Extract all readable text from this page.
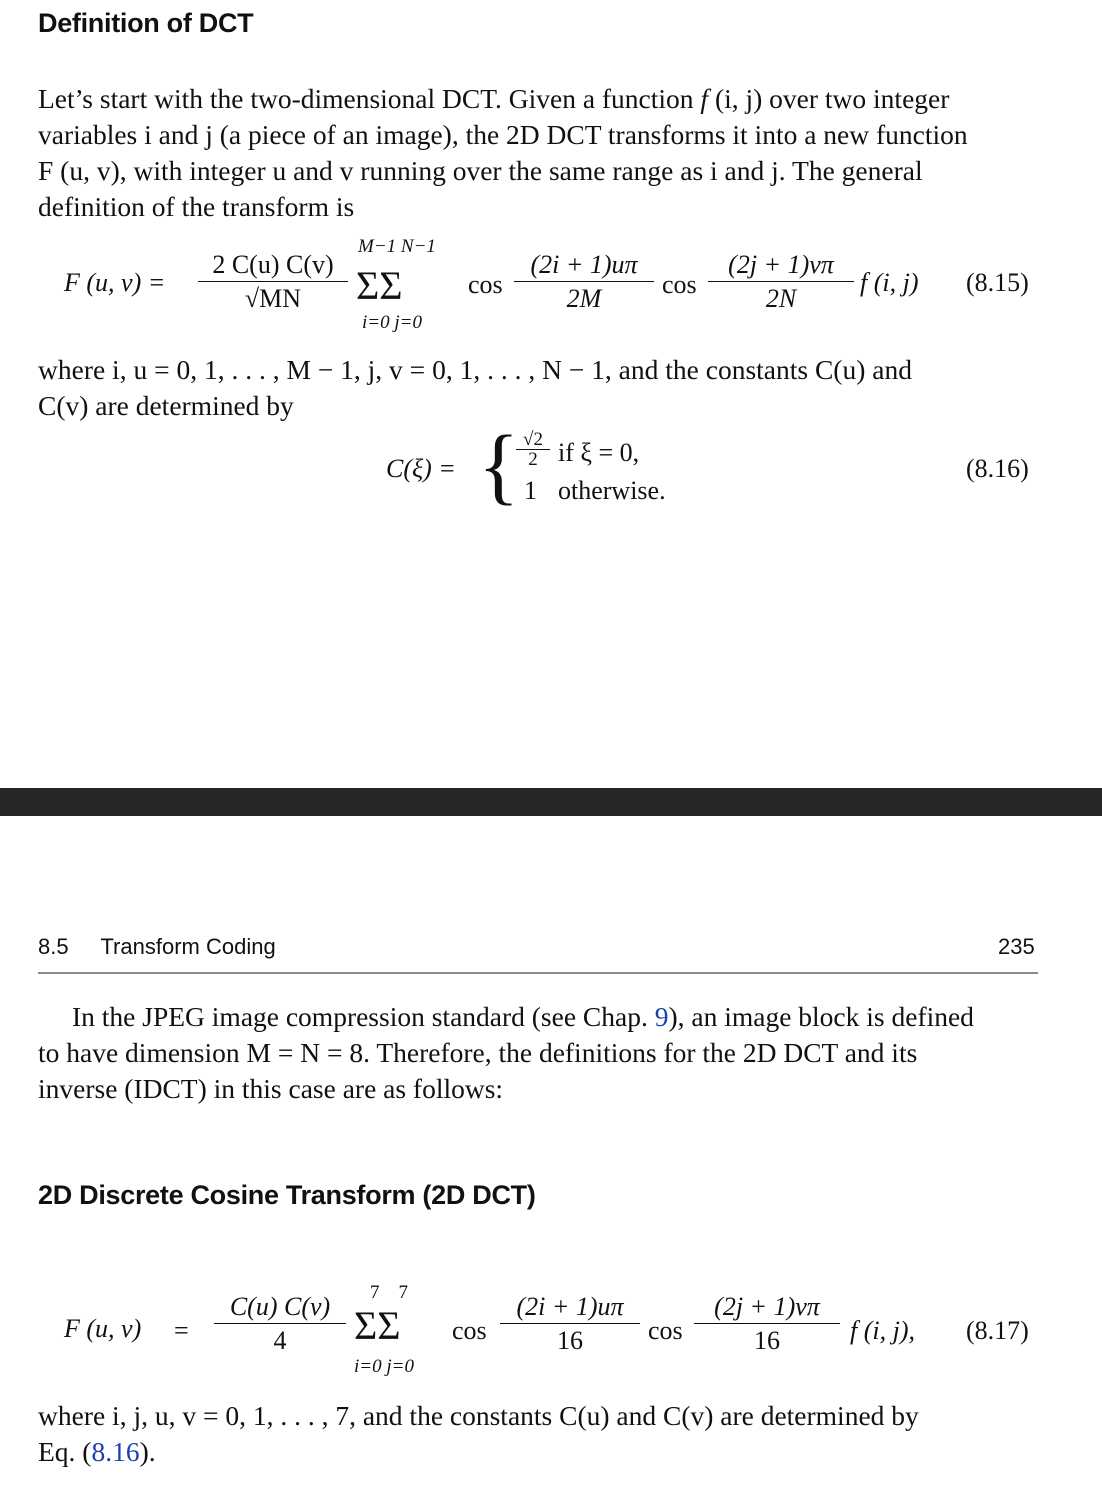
Definition of DCT
Let’s start with the two-dimensional DCT. Given a function f (i, j) over two integer
variables i and j (a piece of an image), the 2D DCT transforms it into a new function
F (u, v), with integer u and v running over the same range as i and j. The general
definition of the transform is
F (u, v) =
2 C(u) C(v)
√MN
M−1 N−1
ΣΣ
i=0 j=0
cos
(2i + 1)uπ
2M	cos
(2j + 1)vπ
2N
f (i, j) (8.15)
where i, u = 0, 1, . . . , M − 1, j, v = 0, 1, . . . , N − 1, and the constants C(u) and
C(v) are determined by
C(ξ) = { √2
2 if ξ = 0,
1 otherwise.
(8.16)
8.5 Transform Coding	235
In the JPEG image compression standard (see Chap. 9), an image block is defined
to have dimension M = N = 8. Therefore, the definitions for the 2D DCT and its
inverse (IDCT) in this case are as follows:
2D Discrete Cosine Transform (2D DCT)
F (u, v) =
C(u) C(v)
4
7    7
ΣΣ
i=0 j=0
cos
(2i + 1)uπ
16	cos
(2j + 1)vπ
16	f (i, j), (8.17)
where i, j, u, v = 0, 1, . . . , 7, and the constants C(u) and C(v) are determined by
Eq. (8.16).
